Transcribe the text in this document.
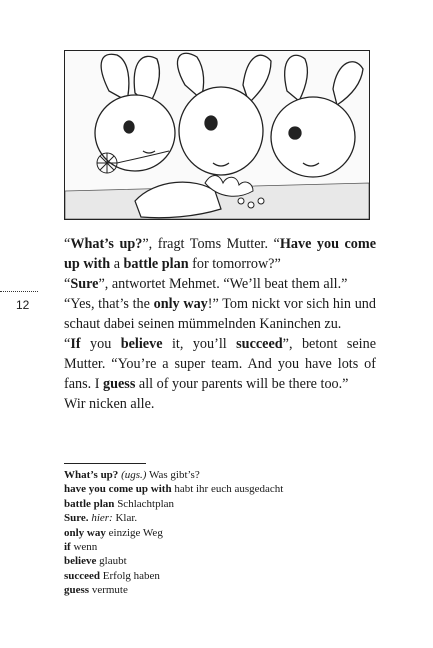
12

“What’s up?”, fragt Toms Mutter. “Have you come up with a battle plan for tomorrow?”

“Sure”, antwortet Mehmet. “We’ll beat them all.”

“Yes, that’s the only way!” Tom nickt vor sich hin und schaut dabei seinen mümmelnden Kaninchen zu.

“If you believe it, you’ll succeed”, betont seine Mutter. “You’re a super team. And you have lots of fans. I guess all of your parents will be there too.”

Wir nicken alle.

What’s up? (ugs.) Was gibt’s?
have you come up with habt ihr euch ausgedacht
battle plan Schlachtplan
Sure. hier: Klar.
only way einzige Weg
if wenn
believe glaubt
succeed Erfolg haben
guess vermute
